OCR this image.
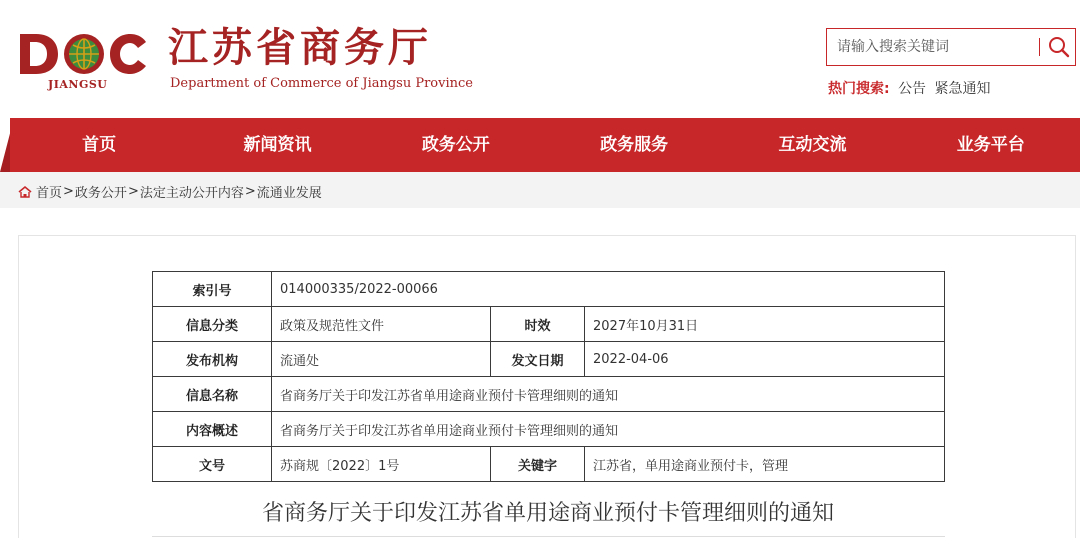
JIANGSU
江苏省商务厅
Department of Commerce of Jiangsu Province
请输入搜索关键词	热门搜索: 公告 紧急通知
首页	新闻资讯	政务公开	政务服务	互动交流	业务平台
首页 > 政务公开 > 法定主动公开内容 > 流通业发展
索引号	014000335/2022-00066		
信息分类	政策及规范性文件	时效	2027年10月31日
发布机构	流通处	发文日期	2022-04-06
信息名称	省商务厅关于印发江苏省单用途商业预付卡管理细则的通知		
内容概述	省商务厅关于印发江苏省单用途商业预付卡管理细则的通知		
文号	苏商规〔2022〕1号	关键字	江苏省，单用途商业预付卡，管理
省商务厅关于印发江苏省单用途商业预付卡管理细则的通知
